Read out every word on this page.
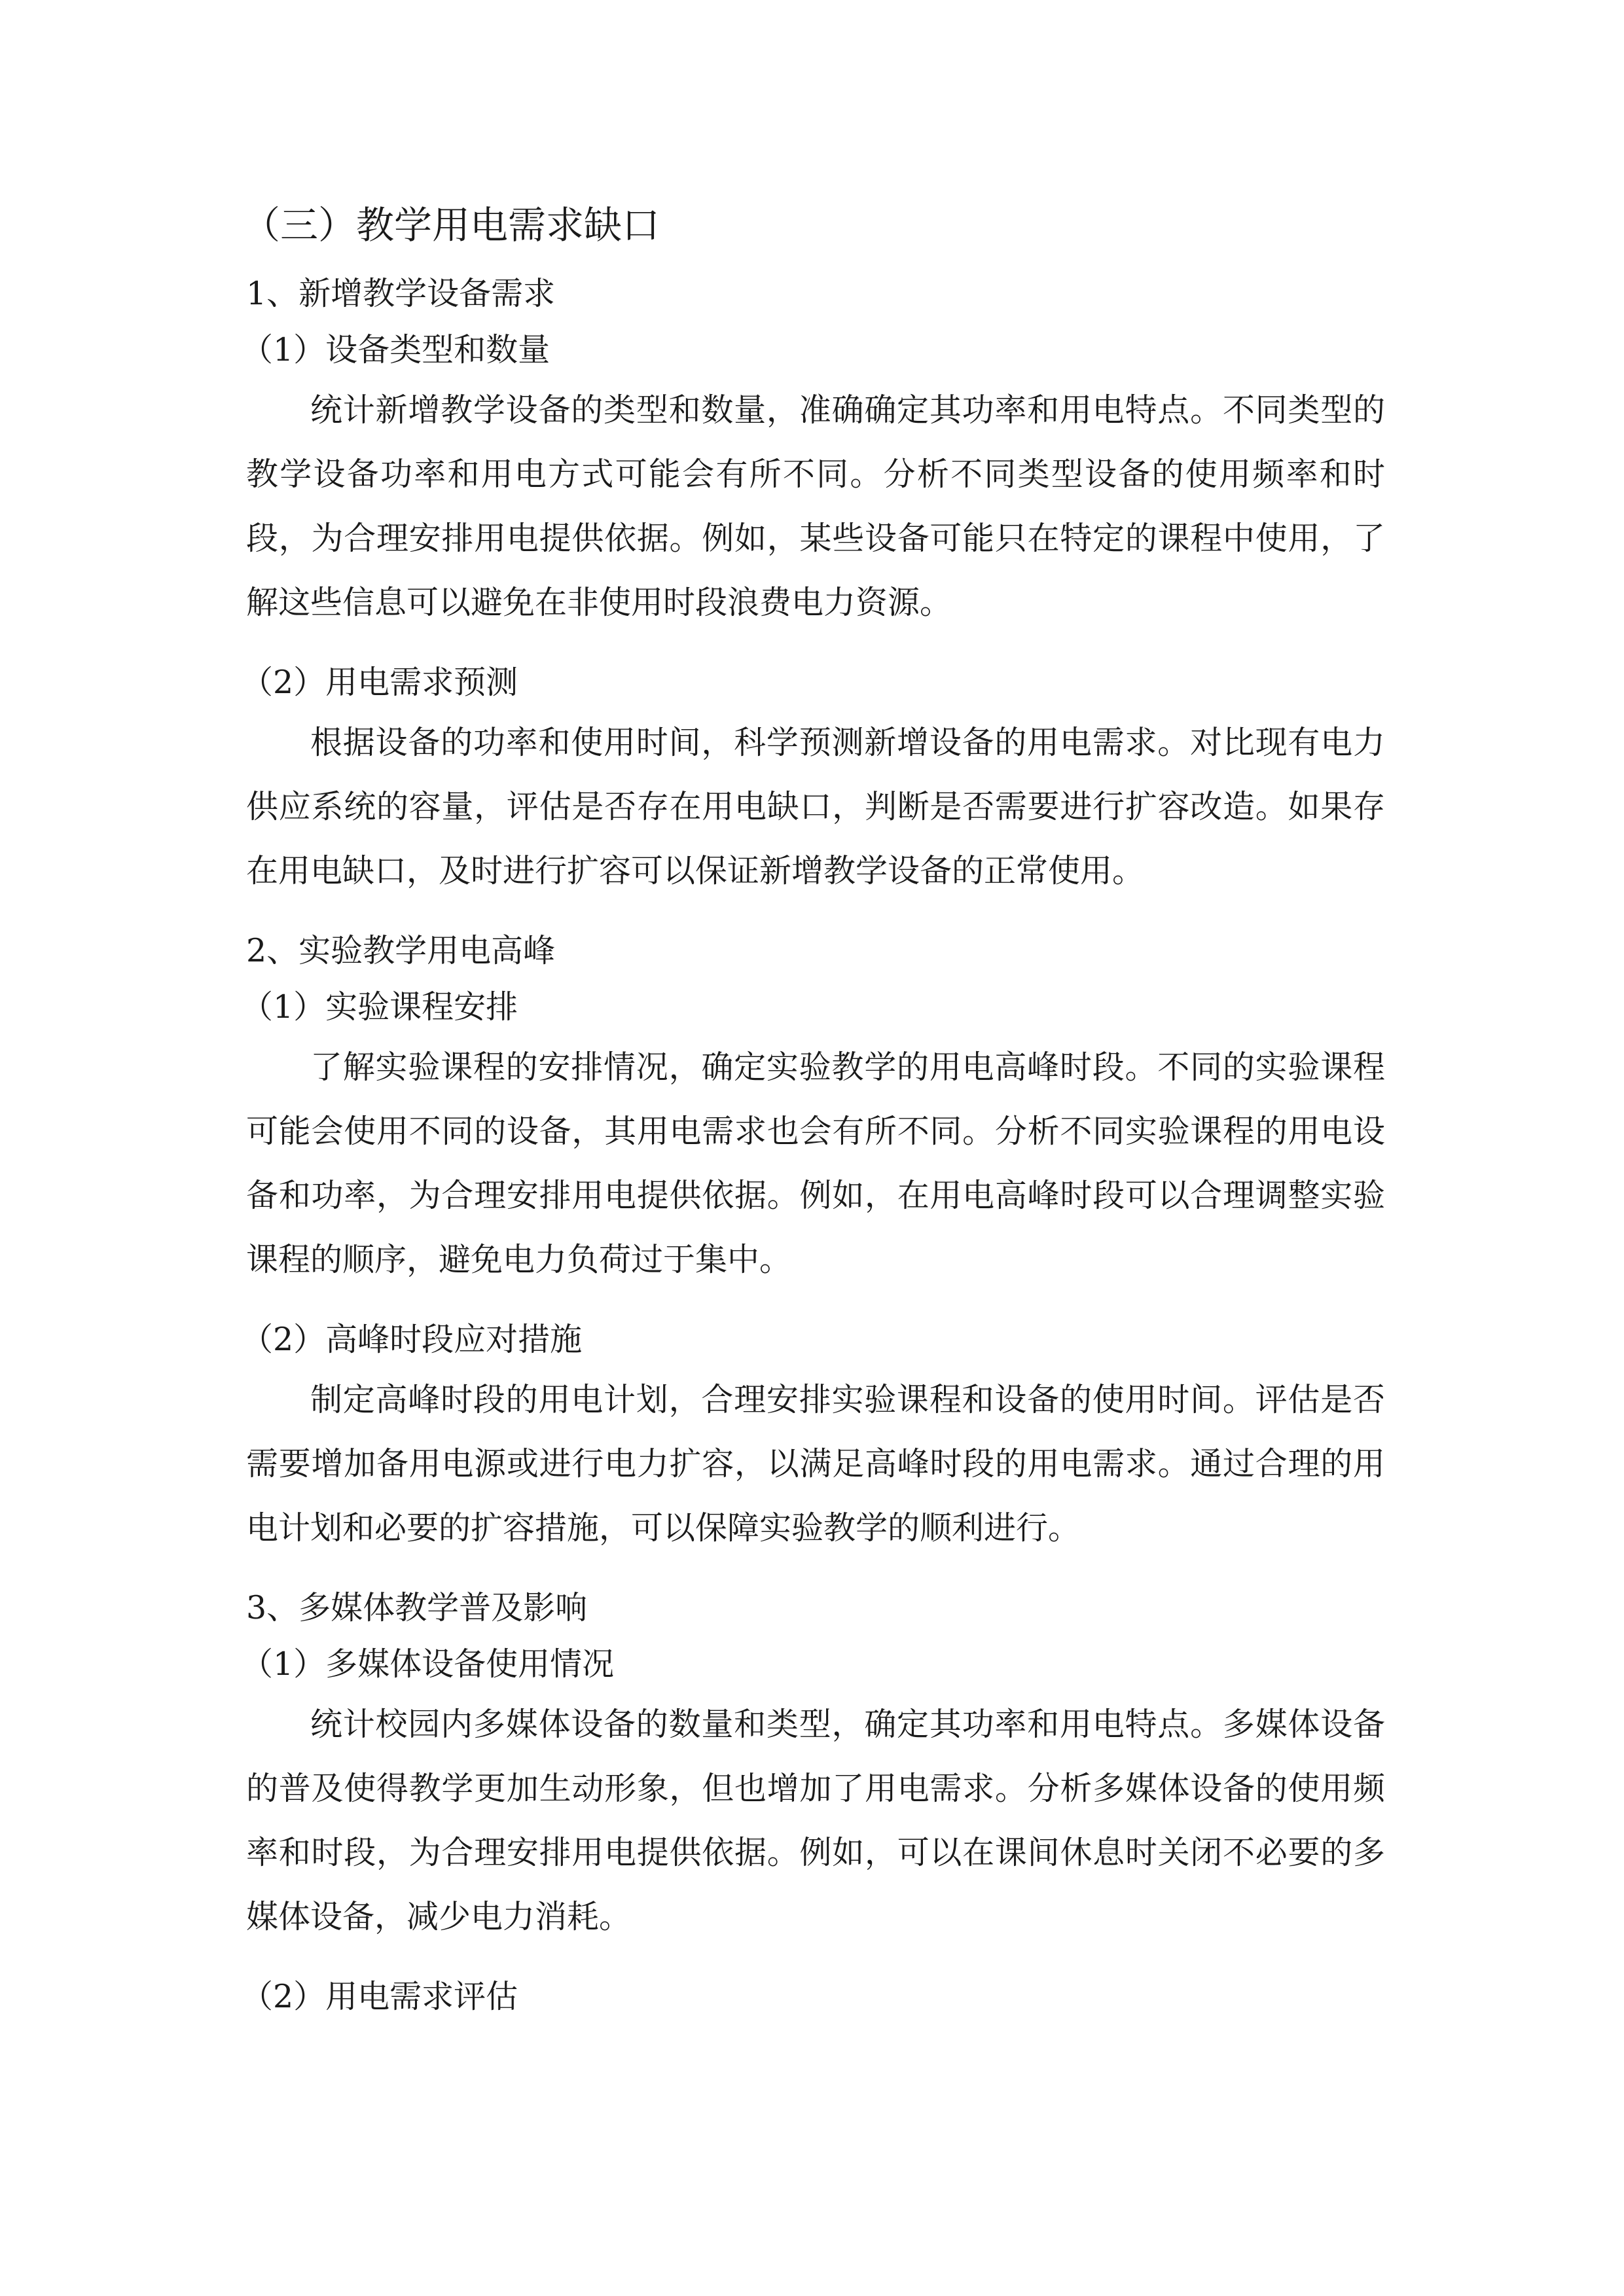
（三）教学用电需求缺口
1、新增教学设备需求
（1）设备类型和数量

统计新增教学设备的类型和数量，准确确定其功率和用电特点。不同类型的教学设备功率和用电方式可能会有所不同。分析不同类型设备的使用频率和时段，为合理安排用电提供依据。例如，某些设备可能只在特定的课程中使用，了解这些信息可以避免在非使用时段浪费电力资源。

（2）用电需求预测

根据设备的功率和使用时间，科学预测新增设备的用电需求。对比现有电力供应系统的容量，评估是否存在用电缺口，判断是否需要进行扩容改造。如果存在用电缺口，及时进行扩容可以保证新增教学设备的正常使用。

2、实验教学用电高峰
（1）实验课程安排

了解实验课程的安排情况，确定实验教学的用电高峰时段。不同的实验课程可能会使用不同的设备，其用电需求也会有所不同。分析不同实验课程的用电设备和功率，为合理安排用电提供依据。例如，在用电高峰时段可以合理调整实验课程的顺序，避免电力负荷过于集中。

（2）高峰时段应对措施

制定高峰时段的用电计划，合理安排实验课程和设备的使用时间。评估是否需要增加备用电源或进行电力扩容，以满足高峰时段的用电需求。通过合理的用电计划和必要的扩容措施，可以保障实验教学的顺利进行。

3、多媒体教学普及影响
（1）多媒体设备使用情况

统计校园内多媒体设备的数量和类型，确定其功率和用电特点。多媒体设备的普及使得教学更加生动形象，但也增加了用电需求。分析多媒体设备的使用频率和时段，为合理安排用电提供依据。例如，可以在课间休息时关闭不必要的多媒体设备，减少电力消耗。

（2）用电需求评估
